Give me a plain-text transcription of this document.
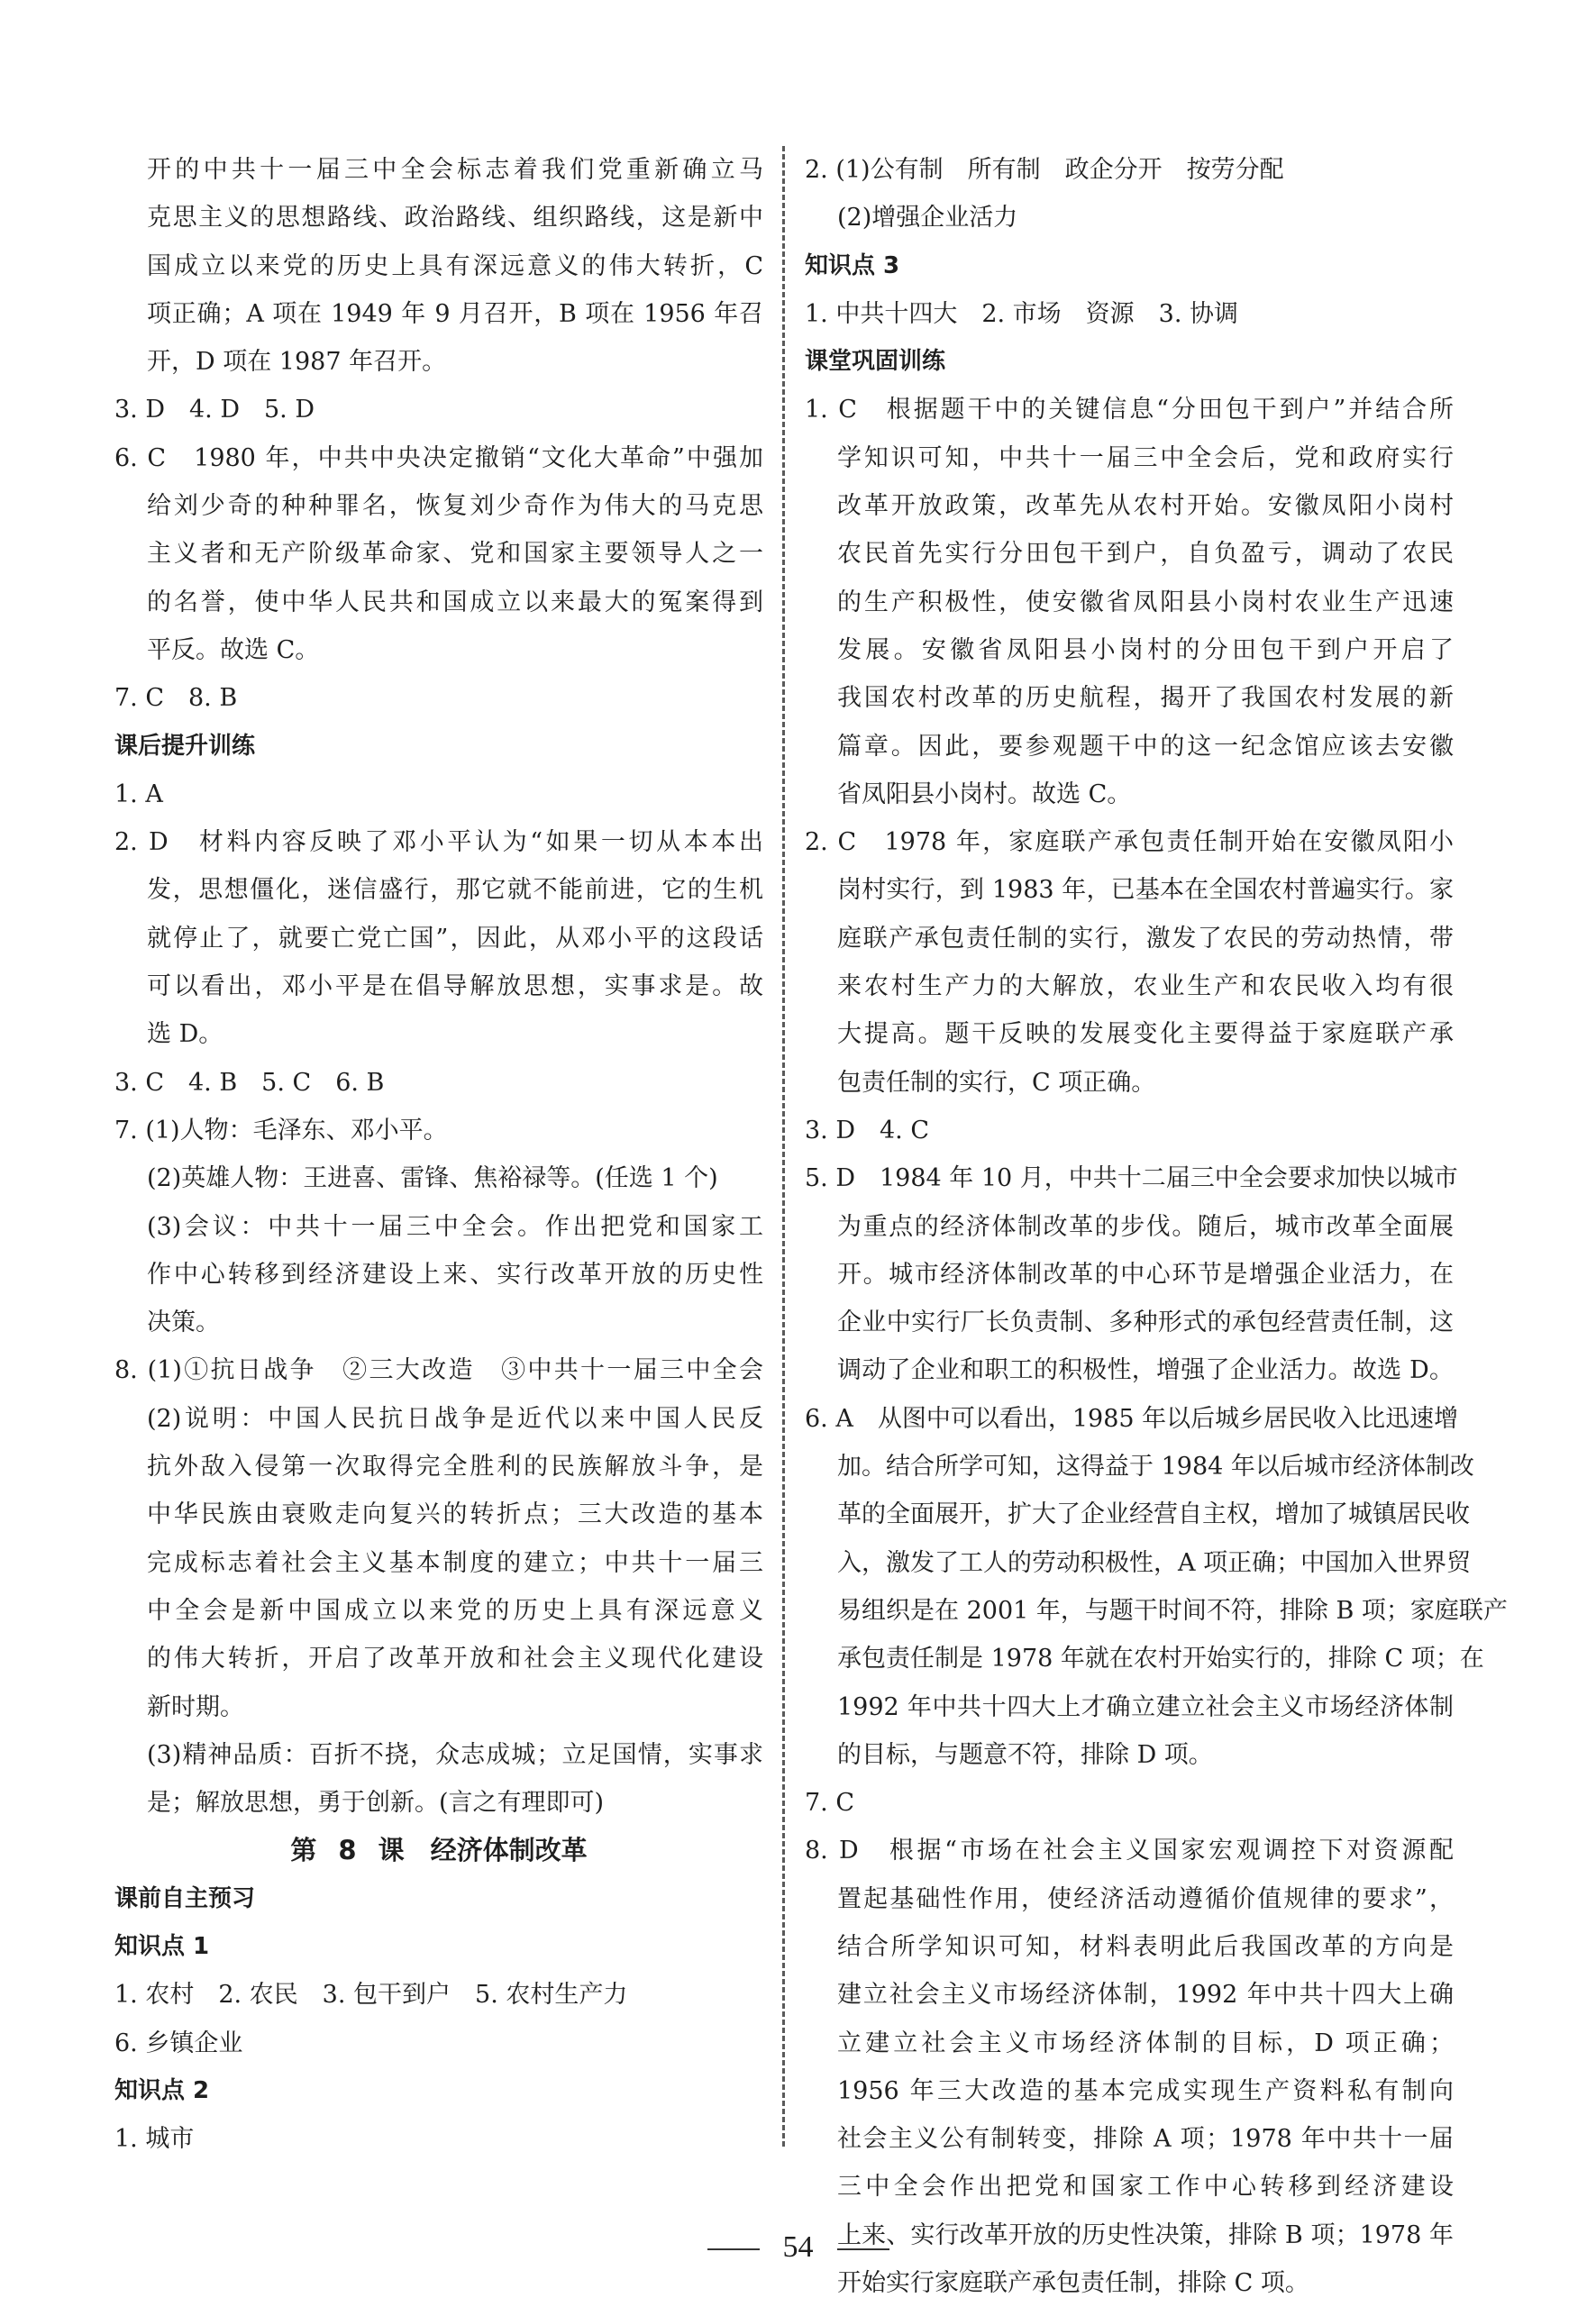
开的中共十一届三中全会标志着我们党重新确立马
克思主义的思想路线、政治路线、组织路线，这是新中
国成立以来党的历史上具有深远意义的伟大转折，C
项正确；A 项在 1949 年 9 月召开，B 项在 1956 年召
开，D 项在 1987 年召开。
3. D　4. D　5. D
6. C　1980 年，中共中央决定撤销“文化大革命”中强加
给刘少奇的种种罪名，恢复刘少奇作为伟大的马克思
主义者和无产阶级革命家、党和国家主要领导人之一
的名誉，使中华人民共和国成立以来最大的冤案得到
平反。故选 C。
7. C　8. B
课后提升训练
1. A
2. D　材料内容反映了邓小平认为“如果一切从本本出
发，思想僵化，迷信盛行，那它就不能前进，它的生机
就停止了，就要亡党亡国”，因此，从邓小平的这段话
可以看出，邓小平是在倡导解放思想，实事求是。故
选 D。
3. C　4. B　5. C　6. B
7. (1)人物：毛泽东、邓小平。
(2)英雄人物：王进喜、雷锋、焦裕禄等。(任选 1 个)
(3)会议：中共十一届三中全会。作出把党和国家工
作中心转移到经济建设上来、实行改革开放的历史性
决策。
8. (1)①抗日战争　②三大改造　③中共十一届三中全会
(2)说明：中国人民抗日战争是近代以来中国人民反
抗外敌入侵第一次取得完全胜利的民族解放斗争，是
中华民族由衰败走向复兴的转折点；三大改造的基本
完成标志着社会主义基本制度的建立；中共十一届三
中全会是新中国成立以来党的历史上具有深远意义
的伟大转折，开启了改革开放和社会主义现代化建设
新时期。
(3)精神品质：百折不挠，众志成城；立足国情，实事求
是；解放思想，勇于创新。(言之有理即可)
第 8 课　经济体制改革
课前自主预习
知识点 1
1. 农村　2. 农民　3. 包干到户　5. 农村生产力
6. 乡镇企业
知识点 2
1. 城市
2. (1)公有制　所有制　政企分开　按劳分配
(2)增强企业活力
知识点 3
1. 中共十四大　2. 市场　资源　3. 协调
课堂巩固训练
1. C　根据题干中的关键信息“分田包干到户”并结合所
学知识可知，中共十一届三中全会后，党和政府实行
改革开放政策，改革先从农村开始。安徽凤阳小岗村
农民首先实行分田包干到户，自负盈亏，调动了农民
的生产积极性，使安徽省凤阳县小岗村农业生产迅速
发展。安徽省凤阳县小岗村的分田包干到户开启了
我国农村改革的历史航程，揭开了我国农村发展的新
篇章。因此，要参观题干中的这一纪念馆应该去安徽
省凤阳县小岗村。故选 C。
2. C　1978 年，家庭联产承包责任制开始在安徽凤阳小
岗村实行，到 1983 年，已基本在全国农村普遍实行。家
庭联产承包责任制的实行，激发了农民的劳动热情，带
来农村生产力的大解放，农业生产和农民收入均有很
大提高。题干反映的发展变化主要得益于家庭联产承
包责任制的实行，C 项正确。
3. D　4. C
5. D　1984 年 10 月，中共十二届三中全会要求加快以城市
为重点的经济体制改革的步伐。随后，城市改革全面展
开。城市经济体制改革的中心环节是增强企业活力，在
企业中实行厂长负责制、多种形式的承包经营责任制，这
调动了企业和职工的积极性，增强了企业活力。故选 D。
6. A　从图中可以看出，1985 年以后城乡居民收入比迅速增
加。结合所学可知，这得益于 1984 年以后城市经济体制改
革的全面展开，扩大了企业经营自主权，增加了城镇居民收
入，激发了工人的劳动积极性，A 项正确；中国加入世界贸
易组织是在 2001 年，与题干时间不符，排除 B 项；家庭联产
承包责任制是 1978 年就在农村开始实行的，排除 C 项；在
1992 年中共十四大上才确立建立社会主义市场经济体制
的目标，与题意不符，排除 D 项。
7. C
8. D　根据“市场在社会主义国家宏观调控下对资源配
置起基础性作用，使经济活动遵循价值规律的要求”，
结合所学知识可知，材料表明此后我国改革的方向是
建立社会主义市场经济体制，1992 年中共十四大上确
立建立社会主义市场经济体制的目标，D 项正确；
1956 年三大改造的基本完成实现生产资料私有制向
社会主义公有制转变，排除 A 项；1978 年中共十一届
三中全会作出把党和国家工作中心转移到经济建设
上来、实行改革开放的历史性决策，排除 B 项；1978 年
开始实行家庭联产承包责任制，排除 C 项。
54
